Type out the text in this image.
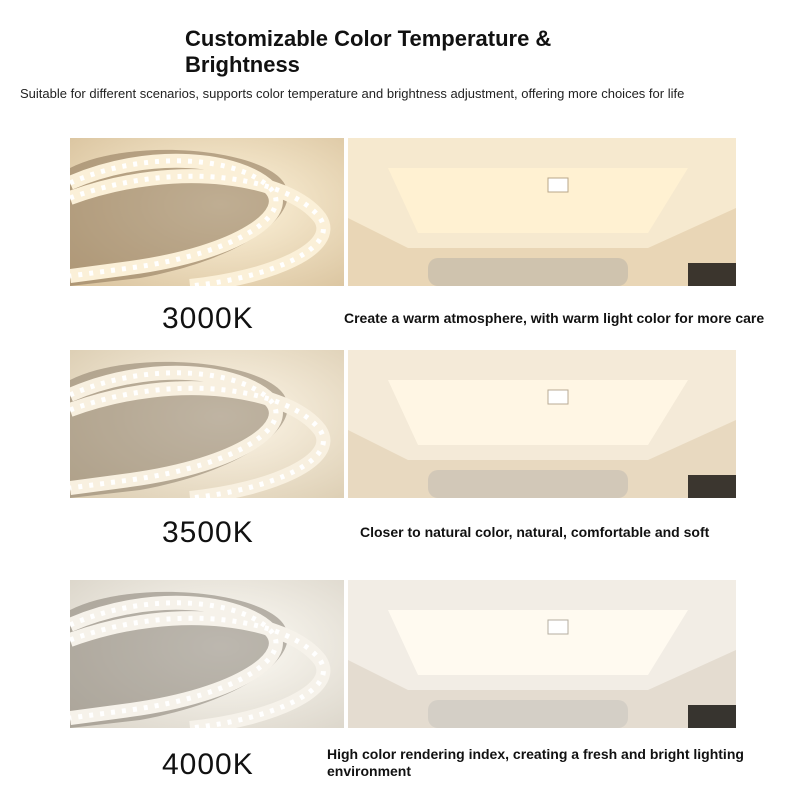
Customizable Color Temperature & Brightness
Suitable for different scenarios, supports color temperature and brightness adjustment, offering more choices for life
3000K	Create a warm atmosphere, with warm light color for more care
3500K	Closer to natural color, natural, comfortable and soft
4000K	High color rendering index, creating a fresh and bright lighting environment
